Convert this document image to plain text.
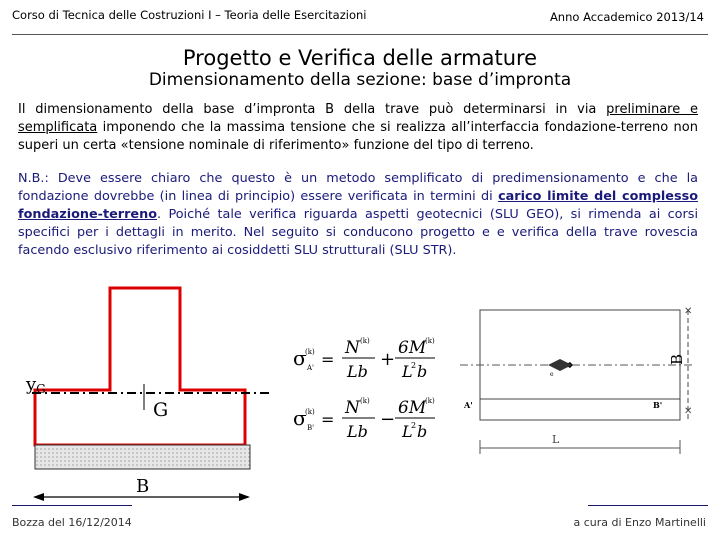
Corso di Tecnica delle Costruzioni I – Teoria delle Esercitazioni	Anno Accademico 2013/14
Progetto e Verifica delle armature
Dimensionamento della sezione: base d’impronta
Il dimensionamento della base d’impronta B della trave può determinarsi in via preliminare e semplificata imponendo che la massima tensione che si realizza all’interfaccia fondazione-terreno non superi un certa «tensione nominale di riferimento» funzione del tipo di terreno.
N.B.: Deve essere chiaro che questo è un metodo semplificato di predimensionamento e che la fondazione dovrebbe (in linea di principio) essere verificata in termini di carico limite del complesso fondazione-terreno. Poiché tale verifica riguarda aspetti geotecnici (SLU GEO), si rimenda ai corsi specifici per i dettagli in merito. Nel seguito si conducono progetto e e verifica della trave rovescia facendo esclusivo riferimento ai cosiddetti SLU strutturali (SLU STR).
yG
G
B
σ
(k)
A' =
N (k)
Lb
+
6M
(k)
L
2 b
σ
(k)
B' =
N (k)
Lb
−
6M
(k)
L
2 b
e
A'	B'
✕
✕
B
L
Bozza del 16/12/2014	a cura di Enzo Martinelli
